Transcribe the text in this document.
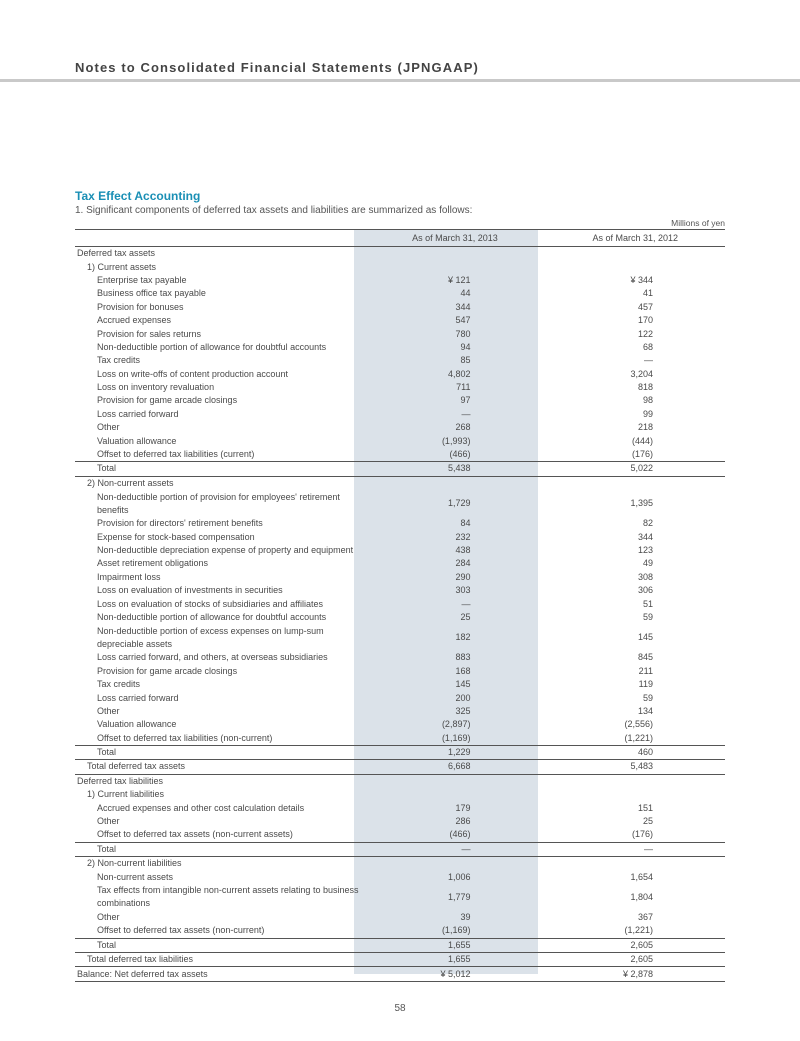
Notes to Consolidated Financial Statements (JPNGAAP)
Tax Effect Accounting
1. Significant components of deferred tax assets and liabilities are summarized as follows:
Millions of yen
	As of March 31, 2013	As of March 31, 2012
Deferred tax assets		
1) Current assets		
Enterprise tax payable	¥ 121	¥ 344
Business office tax payable	44	41
Provision for bonuses	344	457
Accrued expenses	547	170
Provision for sales returns	780	122
Non-deductible portion of allowance for doubtful accounts	94	68
Tax credits	85	—
Loss on write-offs of content production account	4,802	3,204
Loss on inventory revaluation	711	818
Provision for game arcade closings	97	98
Loss carried forward	—	99
Other	268	218
Valuation allowance	(1,993)	(444)
Offset to deferred tax liabilities (current)	(466)	(176)
Total	5,438	5,022
2) Non-current assets		
Non-deductible portion of provision for employees' retirement benefits	1,729	1,395
Provision for directors' retirement benefits	84	82
Expense for stock-based compensation	232	344
Non-deductible depreciation expense of property and equipment	438	123
Asset retirement obligations	284	49
Impairment loss	290	308
Loss on evaluation of investments in securities	303	306
Loss on evaluation of stocks of subsidiaries and affiliates	—	51
Non-deductible portion of allowance for doubtful accounts	25	59
Non-deductible portion of excess expenses on lump-sum depreciable assets	182	145
Loss carried forward, and others, at overseas subsidiaries	883	845
Provision for game arcade closings	168	211
Tax credits	145	119
Loss carried forward	200	59
Other	325	134
Valuation allowance	(2,897)	(2,556)
Offset to deferred tax liabilities (non-current)	(1,169)	(1,221)
Total	1,229	460
Total deferred tax assets	6,668	5,483
Deferred tax liabilities		
1) Current liabilities		
Accrued expenses and other cost calculation details	179	151
Other	286	25
Offset to deferred tax assets (non-current assets)	(466)	(176)
Total	—	—
2) Non-current liabilities		
Non-current assets	1,006	1,654
Tax effects from intangible non-current assets relating to business combinations	1,779	1,804
Other	39	367
Offset to deferred tax assets (non-current)	(1,169)	(1,221)
Total	1,655	2,605
Total deferred tax liabilities	1,655	2,605
Balance: Net deferred tax assets	¥ 5,012	¥ 2,878
58
